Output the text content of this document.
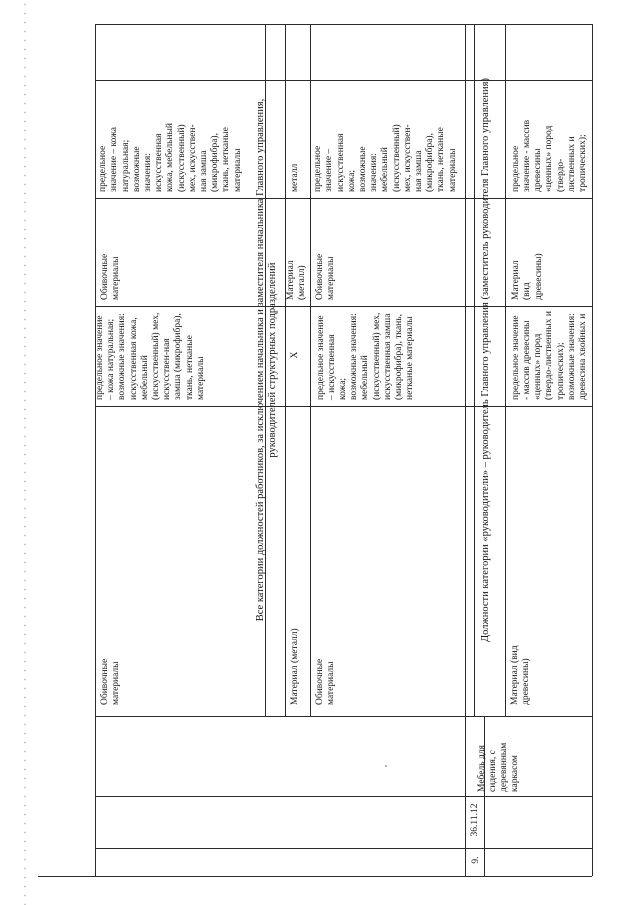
9.
36.11.12
Мебель для
сидения, с
деревянным
каркасом
Обивочные
материалы
предельное значение
– кожа натуральная;
возможные значения:
искусственная кожа,
мебельный
(искусственный) мех,
искусствен-ная
замша (микрофибра),
ткань, нетканые
материалы
Обивочные
материалы
предельное
значение – кожа
натуральная;
возможные
значения:
искусственная
кожа, мебельный
(искусственный)
мех, искусствен-
ная замша
(микрофибра),
ткань, нетканые
материалы Все категории должностей работников, за исключением начальника и заместителя начальника Главного управления, руководителей структурных подразделений
Материал (металл)
X
Материал
(металл)
металл
Обивочные
материалы
предельное значение
– искусственная
кожа;
возможные значения:
мебельный
(искусственный) мех,
искусственная замша
(микрофибра), ткань,
нетканые материалы
Обивочные
материалы
предельное
значение –
искусственная
кожа;
возможные
значения:
мебельный
(искусственный)
мех, искусствен-
ная замша
(микрофибра),
ткань, нетканые
материалы Должности категории «руководители» – руководитель Главного управления (заместитель руководителя Главного управления)
Материал (вид
древесины)
предельное значение
- массив древесины
«ценных» пород
(твердо-лиственных и
тропических);
возможные значения:
древесина хвойных и
Материал
(вид
древесины)
предельное
значение - массив
древесины
«ценных» пород
(твердо-
лиственных и
тропических);
